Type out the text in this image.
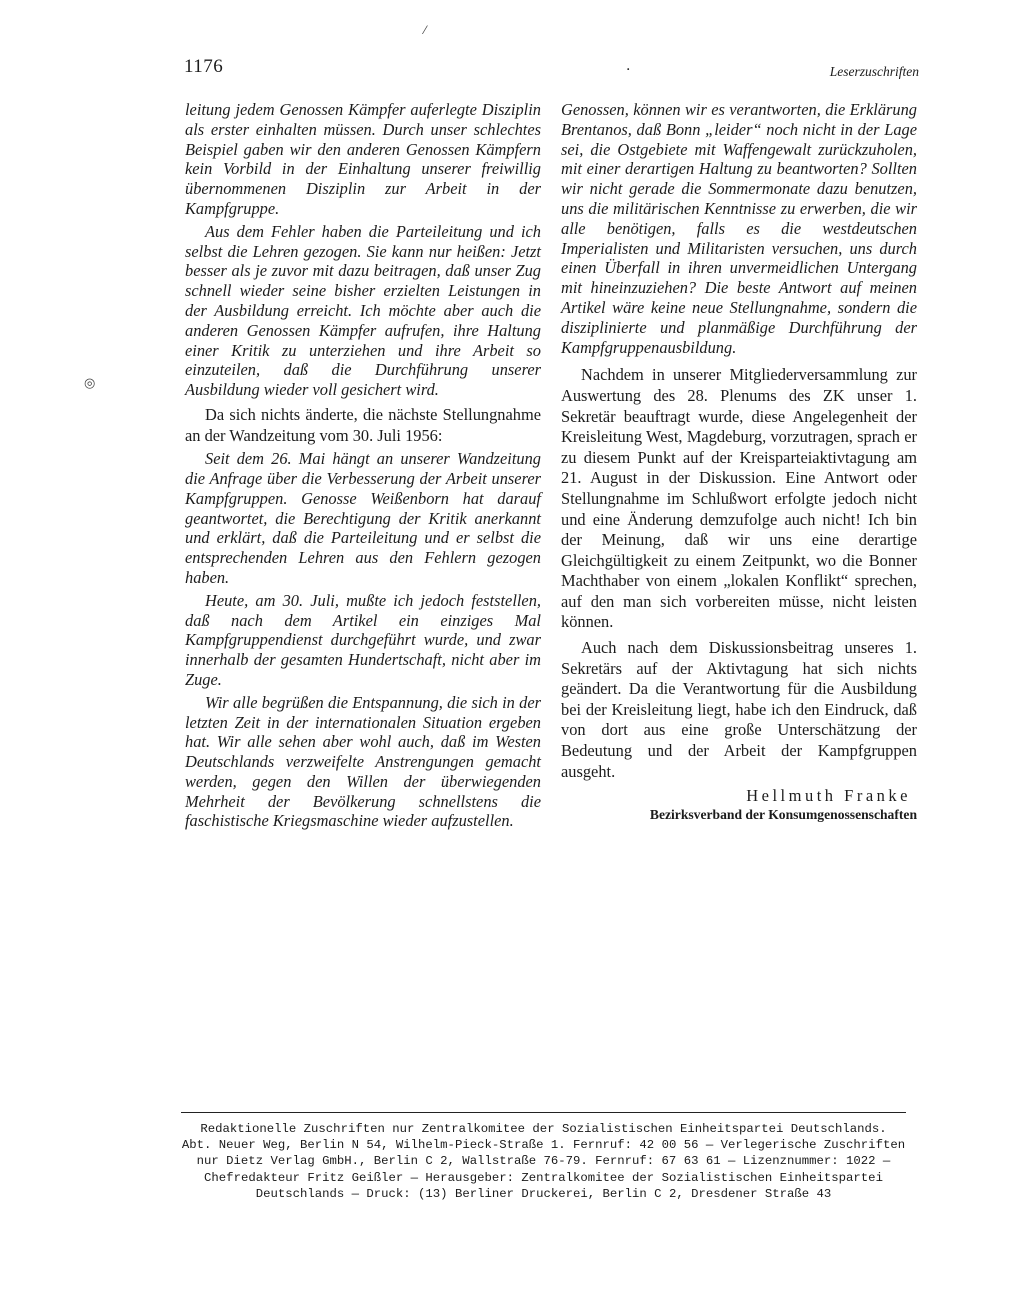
1176	·	Leserzuschriften
⁄
◎

leitung jedem Genossen Kämpfer auferlegte Disziplin als erster einhalten müssen. Durch unser schlechtes Beispiel gaben wir den anderen Genossen Kämpfern kein Vorbild in der Einhaltung unserer freiwillig übernommenen Disziplin zur Arbeit in der Kampfgruppe.

Aus dem Fehler haben die Parteileitung und ich selbst die Lehren gezogen. Sie kann nur heißen: Jetzt besser als je zuvor mit dazu beitragen, daß unser Zug schnell wieder seine bisher erzielten Leistungen in der Ausbildung erreicht. Ich möchte aber auch die anderen Genossen Kämpfer aufrufen, ihre Haltung einer Kritik zu unterziehen und ihre Arbeit so einzuteilen, daß die Durchführung unserer Ausbildung wieder voll gesichert wird.

Da sich nichts änderte, die nächste Stellungnahme an der Wandzeitung vom 30. Juli 1956:

Seit dem 26. Mai hängt an unserer Wandzeitung die Anfrage über die Verbesserung der Arbeit unserer Kampfgruppen. Genosse Weißenborn hat darauf geantwortet, die Berechtigung der Kritik anerkannt und erklärt, daß die Parteileitung und er selbst die entsprechenden Lehren aus den Fehlern gezogen haben.

Heute, am 30. Juli, mußte ich jedoch feststellen, daß nach dem Artikel ein einziges Mal Kampfgruppendienst durchgeführt wurde, und zwar innerhalb der gesamten Hundertschaft, nicht aber im Zuge.

Wir alle begrüßen die Entspannung, die sich in der letzten Zeit in der internationalen Situation ergeben hat. Wir alle sehen aber wohl auch, daß im Westen Deutschlands verzweifelte Anstrengungen gemacht werden, gegen den Willen der überwiegenden Mehrheit der Bevölkerung schnellstens die faschistische Kriegsmaschine wieder aufzustellen.

Genossen, können wir es verantworten, die Erklärung Brentanos, daß Bonn „leider“ noch nicht in der Lage sei, die Ostgebiete mit Waffengewalt zurückzuholen, mit einer derartigen Haltung zu beantworten? Sollten wir nicht gerade die Sommermonate dazu benutzen, uns die militärischen Kenntnisse zu erwerben, die wir alle benötigen, falls es die westdeutschen Imperialisten und Militaristen versuchen, uns durch einen Überfall in ihren unvermeidlichen Untergang mit hineinzuziehen? Die beste Antwort auf meinen Artikel wäre keine neue Stellungnahme, sondern die disziplinierte und planmäßige Durchführung der Kampfgruppenausbildung.

Nachdem in unserer Mitgliederversammlung zur Auswertung des 28. Plenums des ZK unser 1. Sekretär beauftragt wurde, diese Angelegenheit der Kreisleitung West, Magdeburg, vorzutragen, sprach er zu diesem Punkt auf der Kreisparteiaktivtagung am 21. August in der Diskussion. Eine Antwort oder Stellungnahme im Schlußwort erfolgte jedoch nicht und eine Änderung demzufolge auch nicht! Ich bin der Meinung, daß wir uns eine derartige Gleichgültigkeit zu einem Zeitpunkt, wo die Bonner Machthaber von einem „lokalen Konflikt“ sprechen, auf den man sich vorbereiten müsse, nicht leisten können.

Auch nach dem Diskussionsbeitrag unseres 1. Sekretärs auf der Aktivtagung hat sich nichts geändert. Da die Verantwortung für die Ausbildung bei der Kreisleitung liegt, habe ich den Eindruck, daß von dort aus eine große Unterschätzung der Bedeutung und der Arbeit der Kampfgruppen ausgeht.

Hellmuth Franke

Bezirksverband der Konsumgenossenschaften

Redaktionelle Zuschriften nur Zentralkomitee der Sozialistischen Einheitspartei Deutschlands.
Abt. Neuer Weg, Berlin N 54, Wilhelm-Pieck-Straße 1. Fernruf: 42 00 56 — Verlegerische Zuschriften
nur Dietz Verlag GmbH., Berlin C 2, Wallstraße 76-79. Fernruf: 67 63 61 — Lizenznummer: 1022 —
Chefredakteur Fritz Geißler — Herausgeber: Zentralkomitee der Sozialistischen Einheitspartei
Deutschlands — Druck: (13) Berliner Druckerei, Berlin C 2, Dresdener Straße 43
